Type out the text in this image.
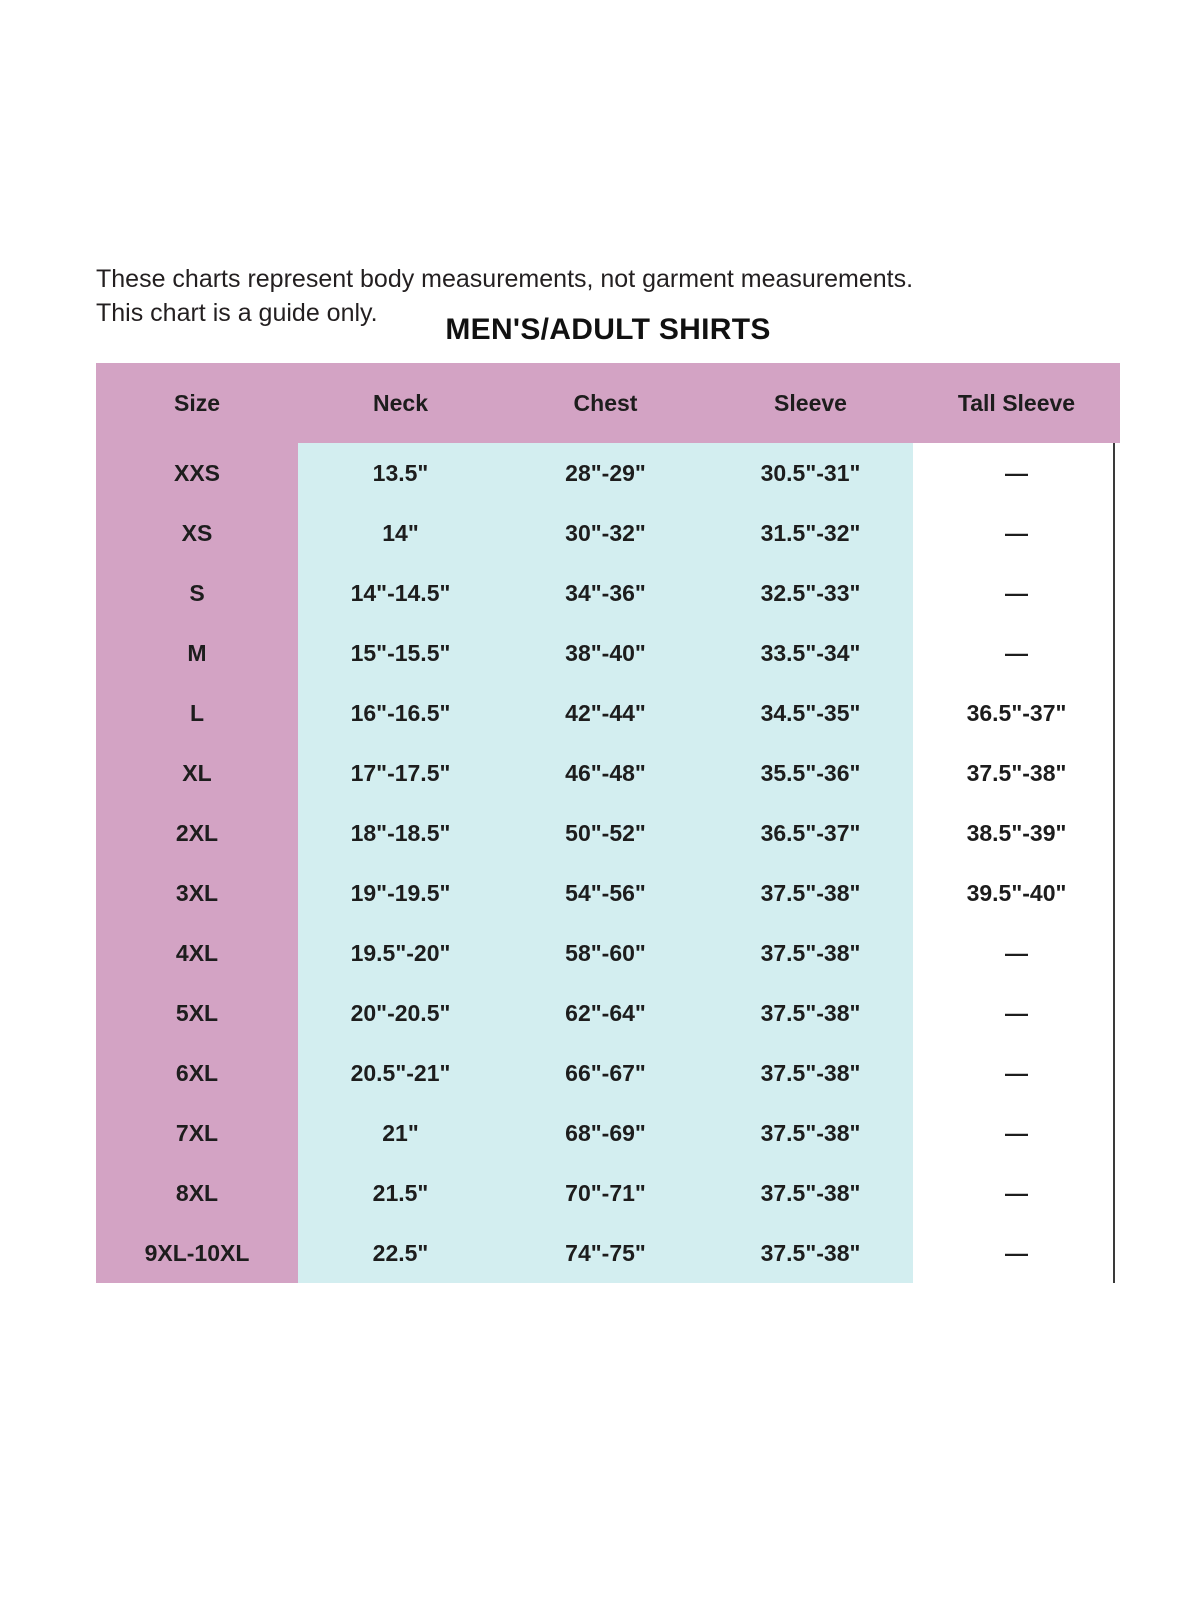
These charts represent body measurements, not garment measurements.
This chart is a guide only.	MEN'S/ADULT SHIRTS
Size	Neck	Chest	Sleeve	Tall Sleeve
XXS	13.5"	28"-29"	30.5"-31"	—
XS	14"	30"-32"	31.5"-32"	—
S	14"-14.5"	34"-36"	32.5"-33"	—
M	15"-15.5"	38"-40"	33.5"-34"	—
L	16"-16.5"	42"-44"	34.5"-35"	36.5"-37"
XL	17"-17.5"	46"-48"	35.5"-36"	37.5"-38"
2XL	18"-18.5"	50"-52"	36.5"-37"	38.5"-39"
3XL	19"-19.5"	54"-56"	37.5"-38"	39.5"-40"
4XL	19.5"-20"	58"-60"	37.5"-38"	—
5XL	20"-20.5"	62"-64"	37.5"-38"	—
6XL	20.5"-21"	66"-67"	37.5"-38"	—
7XL	21"	68"-69"	37.5"-38"	—
8XL	21.5"	70"-71"	37.5"-38"	—
9XL-10XL	22.5"	74"-75"	37.5"-38"	—
